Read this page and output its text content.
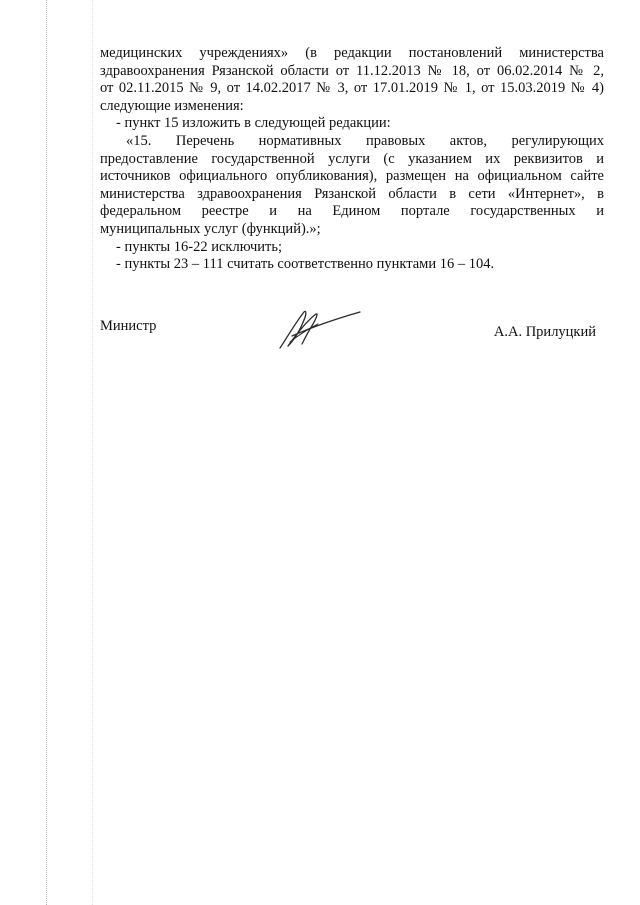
медицинских учреждениях» (в редакции постановлений министерства

здравоохранения Рязанской области от 11.12.2013 № 18, от 06.02.2014 № 2,

от 02.11.2015 № 9, от 14.02.2017 № 3, от 17.01.2019 № 1, от 15.03.2019 № 4)

следующие изменения:

- пункт 15 изложить в следующей редакции:

«15. Перечень нормативных правовых актов, регулирующих

предоставление государственной услуги (с указанием их реквизитов и

источников официального опубликования), размещен на официальном сайте

министерства здравоохранения Рязанской области в сети «Интернет», в

федеральном реестре и на Едином портале государственных и

муниципальных услуг (функций).»;

- пункты 16-22 исключить;

- пункты 23 – 111 считать соответственно пунктами 16 – 104.

Министр	А.А. Прилуцкий
